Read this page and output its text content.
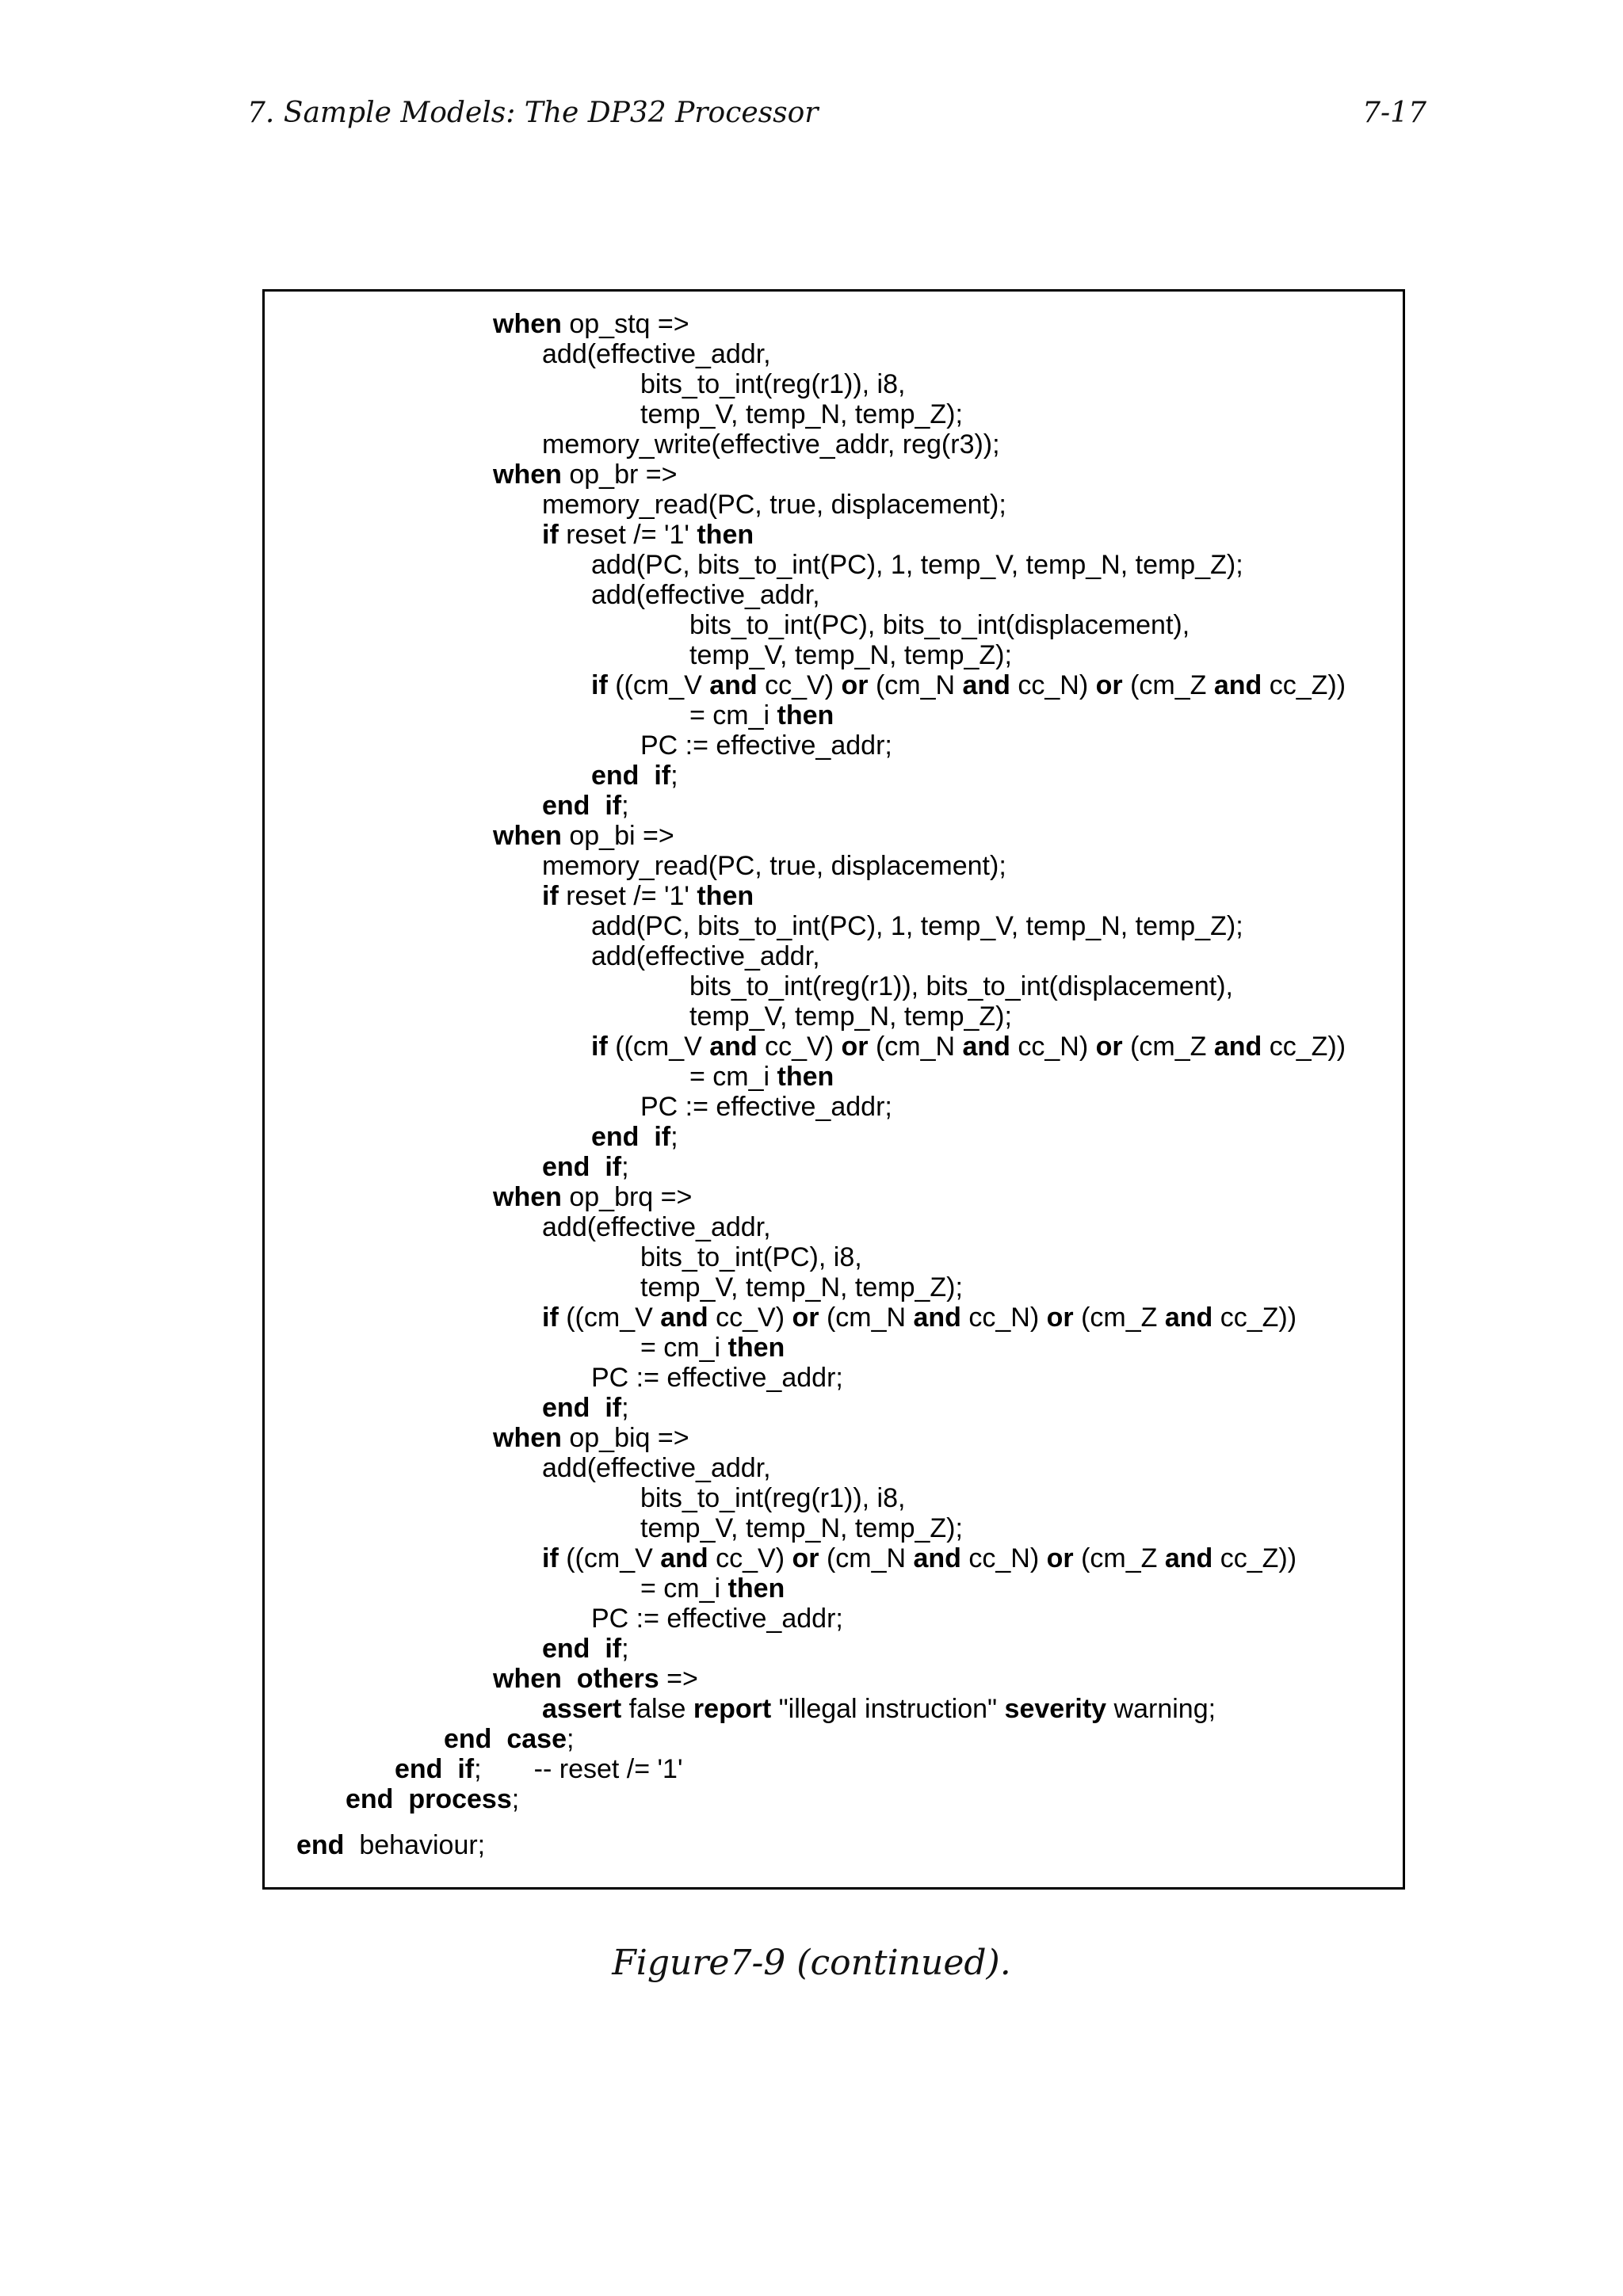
7. Sample Models: The DP32 Processor	7-17
when op_stq =>
add(effective_addr,
bits_to_int(reg(r1)), i8,
temp_V, temp_N, temp_Z);
memory_write(effective_addr, reg(r3));
when op_br =>
memory_read(PC, true, displacement);
if reset /= '1' then
add(PC, bits_to_int(PC), 1, temp_V, temp_N, temp_Z);
add(effective_addr,
bits_to_int(PC), bits_to_int(displacement),
temp_V, temp_N, temp_Z);
if ((cm_V and cc_V) or (cm_N and cc_N) or (cm_Z and cc_Z))
= cm_i then
PC := effective_addr;
end  if;
end  if;
when op_bi =>
memory_read(PC, true, displacement);
if reset /= '1' then
add(PC, bits_to_int(PC), 1, temp_V, temp_N, temp_Z);
add(effective_addr,
bits_to_int(reg(r1)), bits_to_int(displacement),
temp_V, temp_N, temp_Z);
if ((cm_V and cc_V) or (cm_N and cc_N) or (cm_Z and cc_Z))
= cm_i then
PC := effective_addr;
end  if;
end  if;
when op_brq =>
add(effective_addr,
bits_to_int(PC), i8,
temp_V, temp_N, temp_Z);
if ((cm_V and cc_V) or (cm_N and cc_N) or (cm_Z and cc_Z))
= cm_i then
PC := effective_addr;
end  if;
when op_biq =>
add(effective_addr,
bits_to_int(reg(r1)), i8,
temp_V, temp_N, temp_Z);
if ((cm_V and cc_V) or (cm_N and cc_N) or (cm_Z and cc_Z))
= cm_i then
PC := effective_addr;
end  if;
when  others =>
assert false report "illegal instruction" severity warning;
end  case;
end  if;       -- reset /= '1'
end  process;
end  behaviour;
Figure7-9 (continued).
